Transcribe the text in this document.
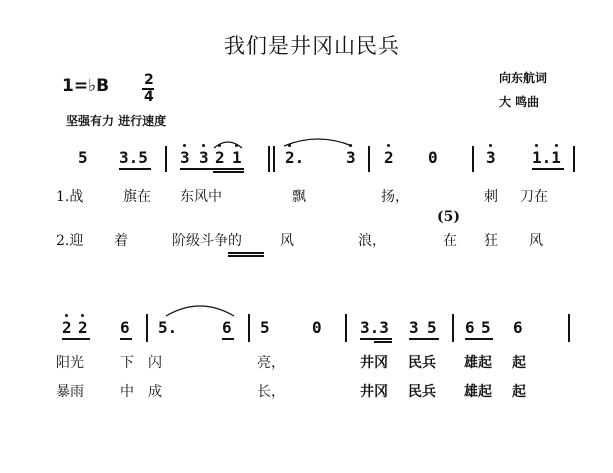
我们是井冈山民兵
1=♭B 2
4
向东航词
大 鸣曲
坚强有力 进行速度
5 3.5 3 3 2 1	2.	3 2 0	3 1.1
1.战	旗在 东风中	飘	扬，	刺 刀在
(5)
2.迎 着	阶级斗争的	风	浪，	在 狂 风
2 2 6 5.	6 5	0 3.3 3 5 6 5 6
阳光	下闪	亮，	井冈 民兵 雄起 起
暴雨	中成	长，	井冈 民兵 雄起 起
